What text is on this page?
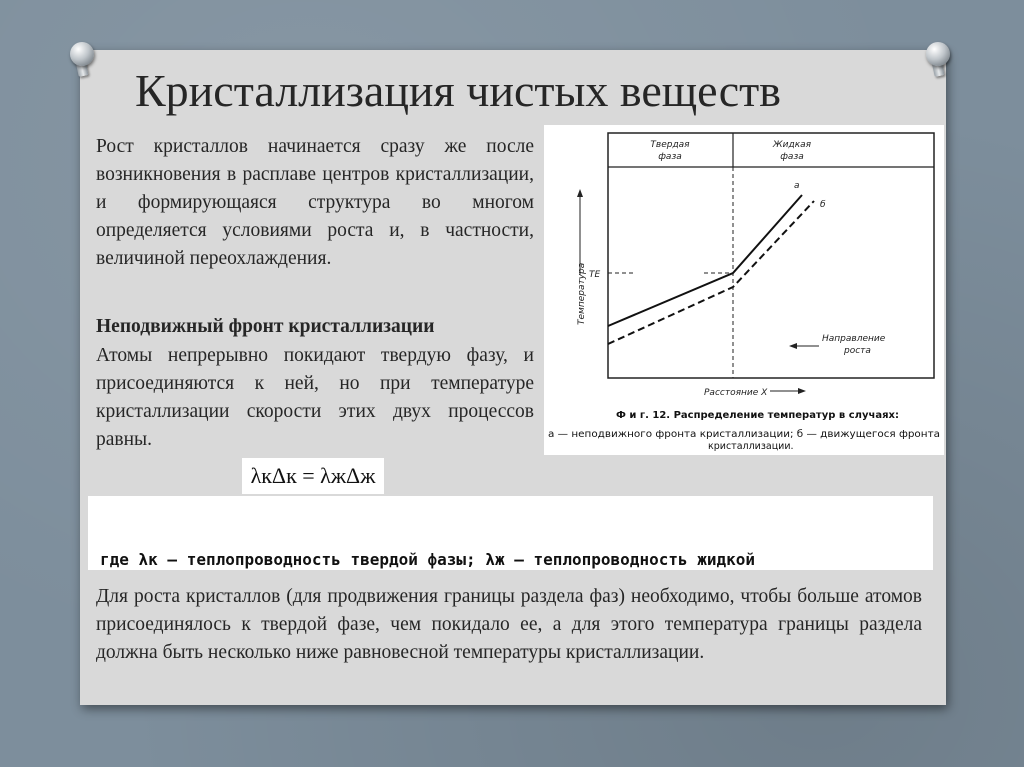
Кристаллизация чистых веществ
Рост кристаллов начинается сразу же после возникновения в расплаве центров кристаллизации, и формирующаяся структура во многом определяется условиями роста и, в частности, величиной переохлаждения.
Неподвижный фронт кристаллизации
Атомы непрерывно покидают твердую фазу, и присоединяются к ней, но при температуре кристаллизации скорости этих двух процессов равны.
Твердая
фаза
Жидкая
фаза
Температура TE
а
б
Направление
роста
Расстояние X
Ф и г. 12. Распределение температур в случаях:
а — неподвижного фронта кристаллизации; б — движущегося фронта
кристаллизации.
λкΔк = λжΔж

где λк — теплопроводность твердой фазы; λж — теплопроводность жидкой

Для роста кристаллов (для продвижения границы раздела фаз) необходимо, чтобы больше атомов присоединялось к твердой фазе, чем покидало ее, а для этого температура границы раздела должна быть несколько ниже равновесной температуры кристаллизации.
